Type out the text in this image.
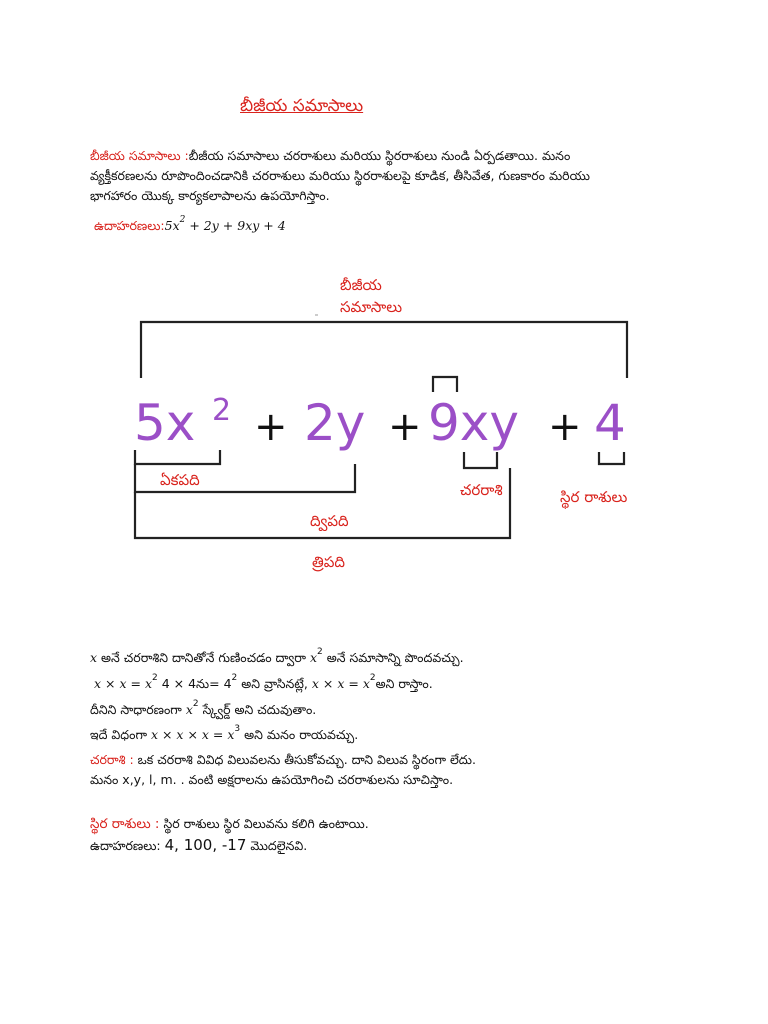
బీజీయ సమాసాలు
బీజీయ సమాసాలు :బీజీయ సమాసాలు చరరాశులు మరియు స్థిరరాశులు నుండి ఏర్పడతాయి. మనం
వ్యక్తీకరణలను రూపొందించడానికి చరరాశులు మరియు స్థిరరాశులపై కూడిక, తీసివేత, గుణకారం మరియు
భాగహారం యొక్క కార్యకలాపాలను ఉపయోగిస్తాం.
$ఉదాహరణలు:5x^2 + 2y + 9xy + 4$
బీజీయ
సమాసాలు
5x 2 + 2y + 9xy + 4
ఏకపది
చరరాశి	స్థిర రాశులు
ద్విపది
త్రిపది
x అనే చరరాశిని దానితోనే గుణించడం ద్వారా $x^2$ అనే సమాసాన్ని పొందవచ్చు.
$x \times x = x^2$ 4 × 4ను= $4^2$ అని వ్రాసినట్లే, $x \times x = x^2అని$ రాస్తాం.
దీనిని సాధారణంగా $x^2$ స్క్వేర్డ్ అని చదువుతాం.
ఇదే విధంగా $x \times x \times x = x^3$ అని మనం రాయవచ్చు.
చరరాశి : ఒక చరరాశి వివిధ విలువలను తీసుకోవచ్చు. దాని విలువ స్థిరంగా లేదు.
మనం x,y, l, m. . వంటి అక్షరాలను ఉపయోగించి చరరాశులను సూచిస్తాం.
స్థిర రాశులు : స్థిర రాశులు స్థిర విలువను కలిగి ఉంటాయి.
ఉదాహరణలు: 4, 100, -17 మొదలైనవి.
